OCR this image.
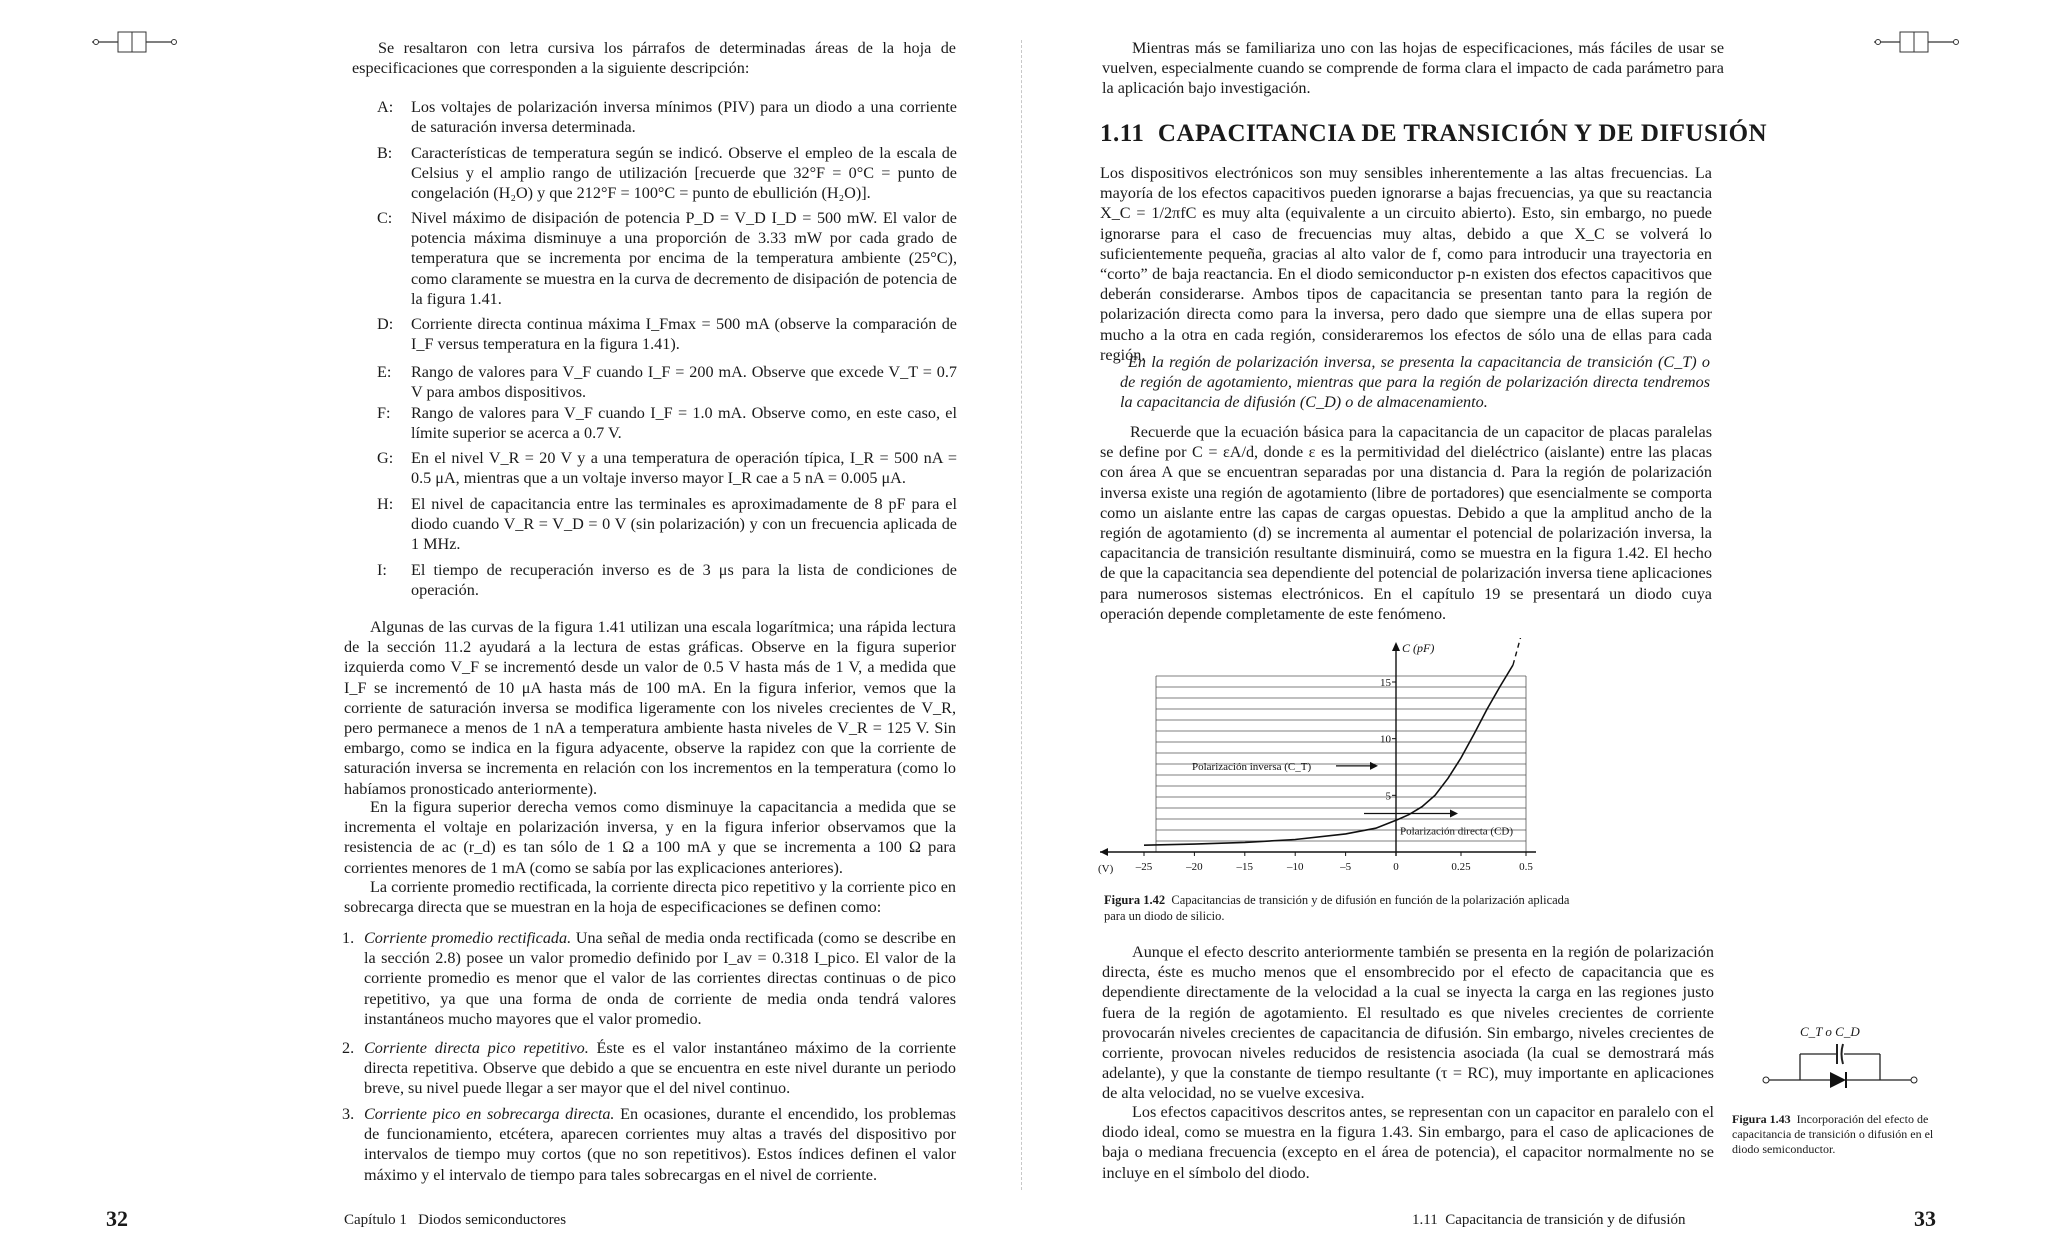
Se resaltaron con letra cursiva los párrafos de determinadas áreas de la hoja de especificaciones que corresponden a la siguiente descripción:

A: Los voltajes de polarización inversa mínimos (PIV) para un diodo a una corriente de saturación inversa determinada.
B: Características de temperatura según se indicó. Observe el empleo de la escala de Celsius y el amplio rango de utilización [recuerde que 32°F = 0°C = punto de congelación (H₂O) y que 212°F = 100°C = punto de ebullición (H₂O)].
C: Nivel máximo de disipación de potencia P_D = V_D I_D = 500 mW. El valor de potencia máxima disminuye a una proporción de 3.33 mW por cada grado de temperatura que se incrementa por encima de la temperatura ambiente (25°C), como claramente se muestra en la curva de decremento de disipación de potencia de la figura 1.41.
D: Corriente directa continua máxima I_Fmax = 500 mA (observe la comparación de I_F versus temperatura en la figura 1.41).
E: Rango de valores para V_F cuando I_F = 200 mA. Observe que excede V_T = 0.7 V para ambos dispositivos.
F: Rango de valores para V_F cuando I_F = 1.0 mA. Observe como, en este caso, el límite superior se acerca a 0.7 V.
G: En el nivel V_R = 20 V y a una temperatura de operación típica, I_R = 500 nA = 0.5 μA, mientras que a un voltaje inverso mayor I_R cae a 5 nA = 0.005 μA.
H: El nivel de capacitancia entre las terminales es aproximadamente de 8 pF para el diodo cuando V_R = V_D = 0 V (sin polarización) y con un frecuencia aplicada de 1 MHz.
I: El tiempo de recuperación inverso es de 3 μs para la lista de condiciones de operación.

Algunas de las curvas de la figura 1.41 utilizan una escala logarítmica; una rápida lectura de la sección 11.2 ayudará a la lectura de estas gráficas. Observe en la figura superior izquierda como V_F se incrementó desde un valor de 0.5 V hasta más de 1 V, a medida que I_F se incrementó de 10 μA hasta más de 100 mA. En la figura inferior, vemos que la corriente de saturación inversa se modifica ligeramente con los niveles crecientes de V_R, pero permanece a menos de 1 nA a temperatura ambiente hasta niveles de V_R = 125 V. Sin embargo, como se indica en la figura adyacente, observe la rapidez con que la corriente de saturación inversa se incrementa en relación con los incrementos en la temperatura (como lo habíamos pronosticado anteriormente).

En la figura superior derecha vemos como disminuye la capacitancia a medida que se incrementa el voltaje en polarización inversa, y en la figura inferior observamos que la resistencia de ac (r_d) es tan sólo de 1 Ω a 100 mA y que se incrementa a 100 Ω para corrientes menores de 1 mA (como se sabía por las explicaciones anteriores).

La corriente promedio rectificada, la corriente directa pico repetitivo y la corriente pico en sobrecarga directa que se muestran en la hoja de especificaciones se definen como:

1. Corriente promedio rectificada. Una señal de media onda rectificada (como se describe en la sección 2.8) posee un valor promedio definido por I_av = 0.318 I_pico. El valor de la corriente promedio es menor que el valor de las corrientes directas continuas o de pico repetitivo, ya que una forma de onda de corriente de media onda tendrá valores instantáneos mucho mayores que el valor promedio.
2. Corriente directa pico repetitivo. Éste es el valor instantáneo máximo de la corriente directa repetitiva. Observe que debido a que se encuentra en este nivel durante un periodo breve, su nivel puede llegar a ser mayor que el del nivel continuo.
3. Corriente pico en sobrecarga directa. En ocasiones, durante el encendido, los problemas de funcionamiento, etcétera, aparecen corrientes muy altas a través del dispositivo por intervalos de tiempo muy cortos (que no son repetitivos). Estos índices definen el valor máximo y el intervalo de tiempo para tales sobrecargas en el nivel de corriente.
32	Capítulo 1   Diodos semiconductores

Mientras más se familiariza uno con las hojas de especificaciones, más fáciles de usar se vuelven, especialmente cuando se comprende de forma clara el impacto de cada parámetro para la aplicación bajo investigación.

1.11 CAPACITANCIA DE TRANSICIÓN Y DE DIFUSIÓN

Los dispositivos electrónicos son muy sensibles inherentemente a las altas frecuencias. La mayoría de los efectos capacitivos pueden ignorarse a bajas frecuencias, ya que su reactancia X_C = 1/2πfC es muy alta (equivalente a un circuito abierto). Esto, sin embargo, no puede ignorarse para el caso de frecuencias muy altas, debido a que X_C se volverá lo suficientemente pequeña, gracias al alto valor de f, como para introducir una trayectoria en “corto” de baja reactancia. En el diodo semiconductor p-n existen dos efectos capacitivos que deberán considerarse. Ambos tipos de capacitancia se presentan tanto para la región de polarización directa como para la inversa, pero dado que siempre una de ellas supera por mucho a la otra en cada región, consideraremos los efectos de sólo una de ellas para cada región.

En la región de polarización inversa, se presenta la capacitancia de transición (C_T) o de región de agotamiento, mientras que para la región de polarización directa tendremos la capacitancia de difusión (C_D) o de almacenamiento.

Recuerde que la ecuación básica para la capacitancia de un capacitor de placas paralelas se define por C = εA/d, donde ε es la permitividad del dieléctrico (aislante) entre las placas con área A que se encuentran separadas por una distancia d. Para la región de polarización inversa existe una región de agotamiento (libre de portadores) que esencialmente se comporta como un aislante entre las capas de cargas opuestas. Debido a que la amplitud ancho de la región de agotamiento (d) se incrementa al aumentar el potencial de polarización inversa, la capacitancia de transición resultante disminuirá, como se muestra en la figura 1.42. El hecho de que la capacitancia sea dependiente del potencial de polarización inversa tiene aplicaciones para numerosos sistemas electrónicos. En el capítulo 19 se presentará un diodo cuya operación depende completamente de este fenómeno.

C (pF)
5
10
15
–25	–20	–15	–10	–5	0	0.25	0.5
(V)
Polarización inversa (C_T)
Polarización directa (CD)
Figura 1.42 Capacitancias de transición y de difusión en función de la polarización aplicada para un diodo de silicio.

Aunque el efecto descrito anteriormente también se presenta en la región de polarización directa, éste es mucho menos que el ensombrecido por el efecto de capacitancia que es dependiente directamente de la velocidad a la cual se inyecta la carga en las regiones justo fuera de la región de agotamiento. El resultado es que niveles crecientes de corriente provocarán niveles crecientes de capacitancia de difusión. Sin embargo, niveles crecientes de corriente, provocan niveles reducidos de resistencia asociada (la cual se demostrará más adelante), y que la constante de tiempo resultante (τ = RC), muy importante en aplicaciones de alta velocidad, no se vuelve excesiva.

Los efectos capacitivos descritos antes, se representan con un capacitor en paralelo con el diodo ideal, como se muestra en la figura 1.43. Sin embargo, para el caso de aplicaciones de baja o mediana frecuencia (excepto en el área de potencia), el capacitor normalmente no se incluye en el símbolo del diodo.

C_T o C_D
Figura 1.43 Incorporación del efecto de capacitancia de transición o difusión en el diodo semiconductor.
1.11  Capacitancia de transición y de difusión	33
